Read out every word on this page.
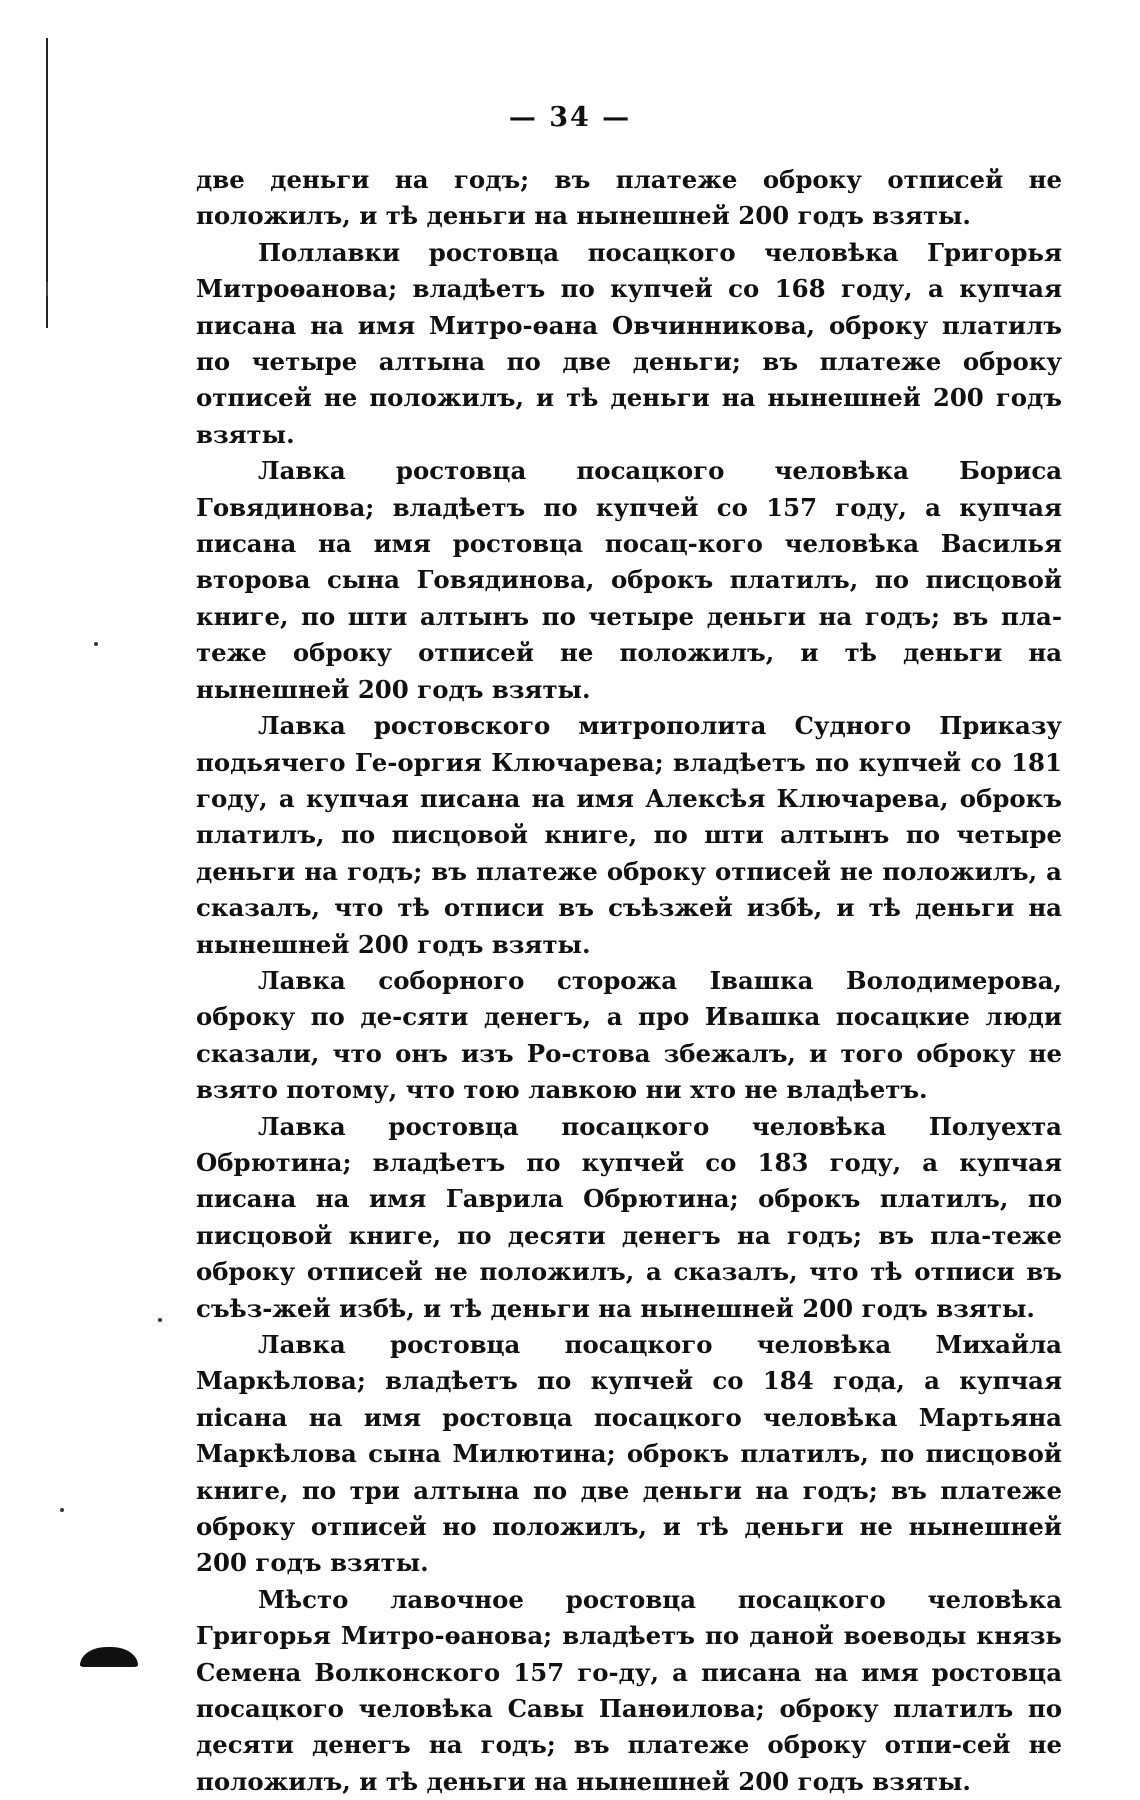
— 34 —

две деньги на годъ; въ платеже оброку отписей не положилъ, и тѣ деньги на нынешней 200 годъ взяты.

Поллавки ростовца посацкого человѣка Григорья Митроѳанова; владѣетъ по купчей со 168 году, а купчая писана на имя Митро-ѳана Овчинникова, оброку платилъ по четыре алтына по две деньги; въ платеже оброку отписей не положилъ, и тѣ деньги на нынешней 200 годъ взяты.

Лавка ростовца посацкого человѣка Бориса Говядинова; владѣетъ по купчей со 157 году, а купчая писана на имя ростовца посац-кого человѣка Василья второва сына Говядинова, оброкъ платилъ, по писцовой книге, по шти алтынъ по четыре деньги на годъ; въ пла-теже оброку отписей не положилъ, и тѣ деньги на нынешней 200 годъ взяты.

Лавка ростовского митрополита Судного Приказу подьячего Ге-оргия Ключарева; владѣетъ по купчей со 181 году, а купчая писана на имя Алексѣя Ключарева, оброкъ платилъ, по писцовой книге, по шти алтынъ по четыре деньги на годъ; въ платеже оброку отписей не положилъ, а сказалъ, что тѣ отписи въ съѣзжей избѣ, и тѣ деньги на нынешней 200 годъ взяты.

Лавка соборного сторожа Івашка Володимерова, оброку по де-сяти денегъ, а про Ивашка посацкие люди сказали, что онъ изъ Ро-стова збежалъ, и того оброку не взято потому, что тою лавкою ни хто не владѣетъ.

Лавка ростовца посацкого человѣка Полуехта Обрютина; владѣетъ по купчей со 183 году, а купчая писана на имя Гаврила Обрютина; оброкъ платилъ, по писцовой книге, по десяти денегъ на годъ; въ пла-теже оброку отписей не положилъ, а сказалъ, что тѣ отписи въ съѣз-жей избѣ, и тѣ деньги на нынешней 200 годъ взяты.

Лавка ростовца посацкого человѣка Михайла Маркѣлова; владѣетъ по купчей со 184 года, а купчая пісана на имя ростовца посацкого человѣка Мартьяна Маркѣлова сына Милютина; оброкъ платилъ, по писцовой книге, по три алтына по две деньги на годъ; въ платеже оброку отписей но положилъ, и тѣ деньги не нынешней 200 годъ взяты.

Мѣсто лавочное ростовца посацкого человѣка Григорья Митро-ѳанова; владѣетъ по даной воеводы князь Семена Волконского 157 го-ду, а писана на имя ростовца посацкого человѣка Савы Панѳилова; оброку платилъ по десяти денегъ на годъ; въ платеже оброку отпи-сей не положилъ, и тѣ деньги на нынешней 200 годъ взяты.
